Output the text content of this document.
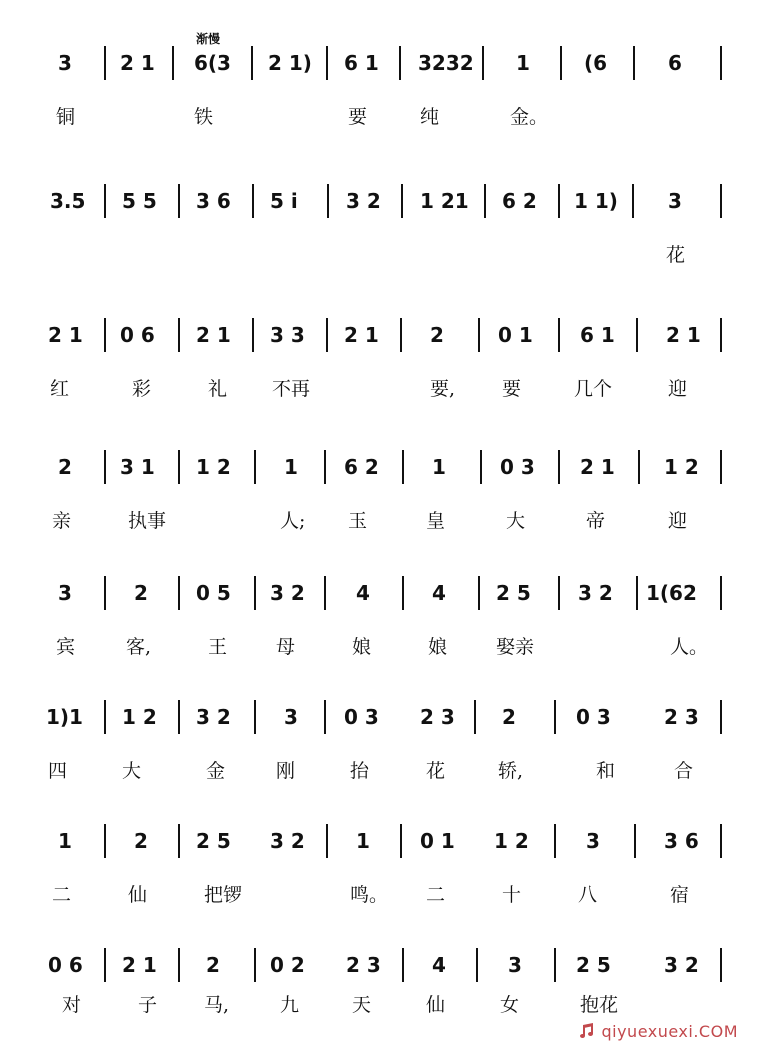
渐慢
3 2 1 6(3 2 1) 6 1 3232 1	(6	6
铜	铁	要	纯	金。
3.5 5 5 3 6 5 i 3 2 1 21 6 2 1 1)	3
花
2 1 0 6 2 1 3 3 2 1	2	0 1 6 1	2 1
红	彩	礼 不再	要, 要	几个	迎
2 3 1 1 2	1 6 2	1	0 3 2 1 1 2
亲	执事	人; 玉	皇	大	帝	迎
3	2 0 5 3 2	4	4	2 5 3 2 1(62
宾	客,	王	母	娘	娘	娶亲	人。
1)1 1 2 3 2	3 0 3 2 3 2	0 3	2 3
四	大	金	刚	抬	花	轿,	和	合
1	2 2 5 3 2	1	0 1 1 2	3	3 6
二	仙	把锣	鸣。 二	十	八	宿
0 6 2 1 2	0 2 2 3	4	3	2 5	3 2
对	子 马,	九	天	仙	女	抱花
qiyuexuexi.COM
